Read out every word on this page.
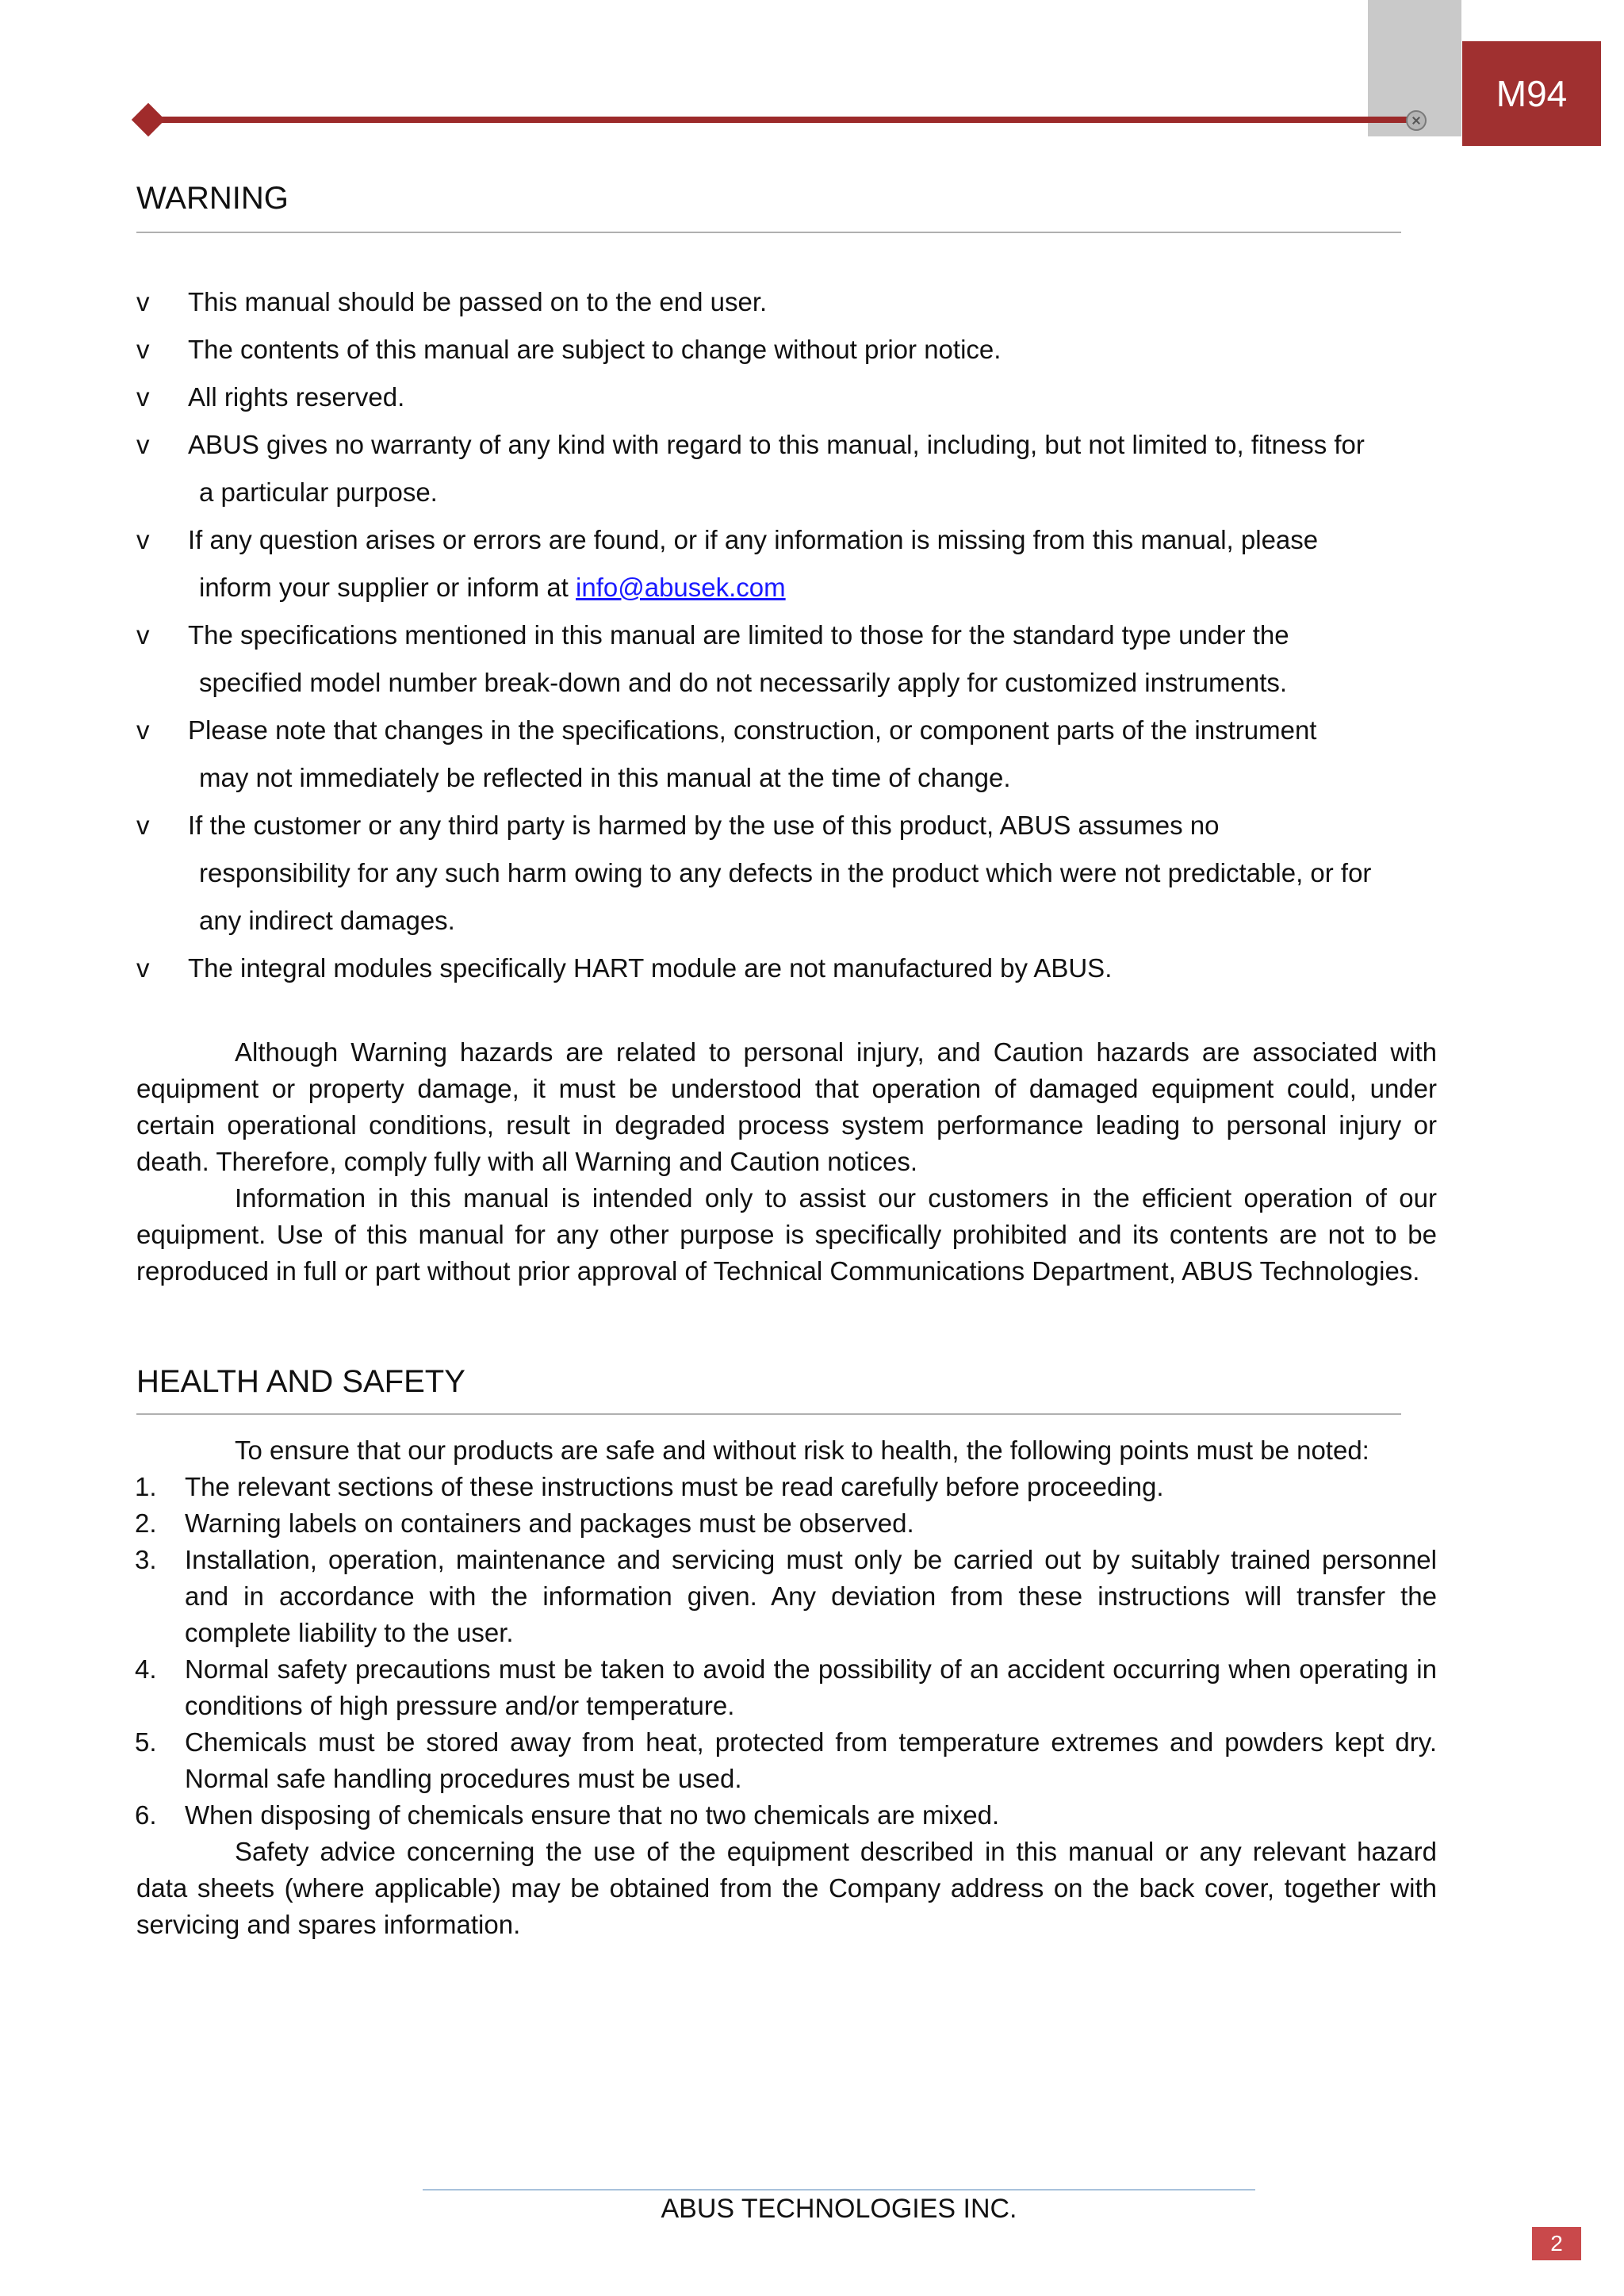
M94
WARNING
v This manual should be passed on to the end user.
v The contents of this manual are subject to change without prior notice.
v All rights reserved.
v ABUS gives no warranty of any kind with regard to this manual, including, but not limited to, fitness for
a particular purpose.
v If any question arises or errors are found, or if any information is missing from this manual, please
inform your supplier or inform at info@abusek.com
v The specifications mentioned in this manual are limited to those for the standard type under the
specified model number break-down and do not necessarily apply for customized instruments.
v Please note that changes in the specifications, construction, or component parts of the instrument
may not immediately be reflected in this manual at the time of change.
v If the customer or any third party is harmed by the use of this product, ABUS assumes no
responsibility for any such harm owing to any defects in the product which were not predictable, or for
any indirect damages.
v The integral modules specifically HART module are not manufactured by ABUS.
Although Warning hazards are related to personal injury, and Caution hazards are associated with equipment or property damage, it must be understood that operation of damaged equipment could, under certain operational conditions, result in degraded process system performance leading to personal injury or death. Therefore, comply fully with all Warning and Caution notices.
Information in this manual is intended only to assist our customers in the efficient operation of our equipment. Use of this manual for any other purpose is specifically prohibited and its contents are not to be reproduced in full or part without prior approval of Technical Communications Department, ABUS Technologies.
HEALTH AND SAFETY
To ensure that our products are safe and without risk to health, the following points must be noted:
1. The relevant sections of these instructions must be read carefully before proceeding.
2. Warning labels on containers and packages must be observed.
3. Installation, operation, maintenance and servicing must only be carried out by suitably trained personnel and in accordance with the information given. Any deviation from these instructions will transfer the complete liability to the user.
4. Normal safety precautions must be taken to avoid the possibility of an accident occurring when operating in conditions of high pressure and/or temperature.
5. Chemicals must be stored away from heat, protected from temperature extremes and powders kept dry. Normal safe handling procedures must be used.
6. When disposing of chemicals ensure that no two chemicals are mixed.
Safety advice concerning the use of the equipment described in this manual or any relevant hazard data sheets (where applicable) may be obtained from the Company address on the back cover, together with servicing and spares information.
ABUS TECHNOLOGIES INC.
2
